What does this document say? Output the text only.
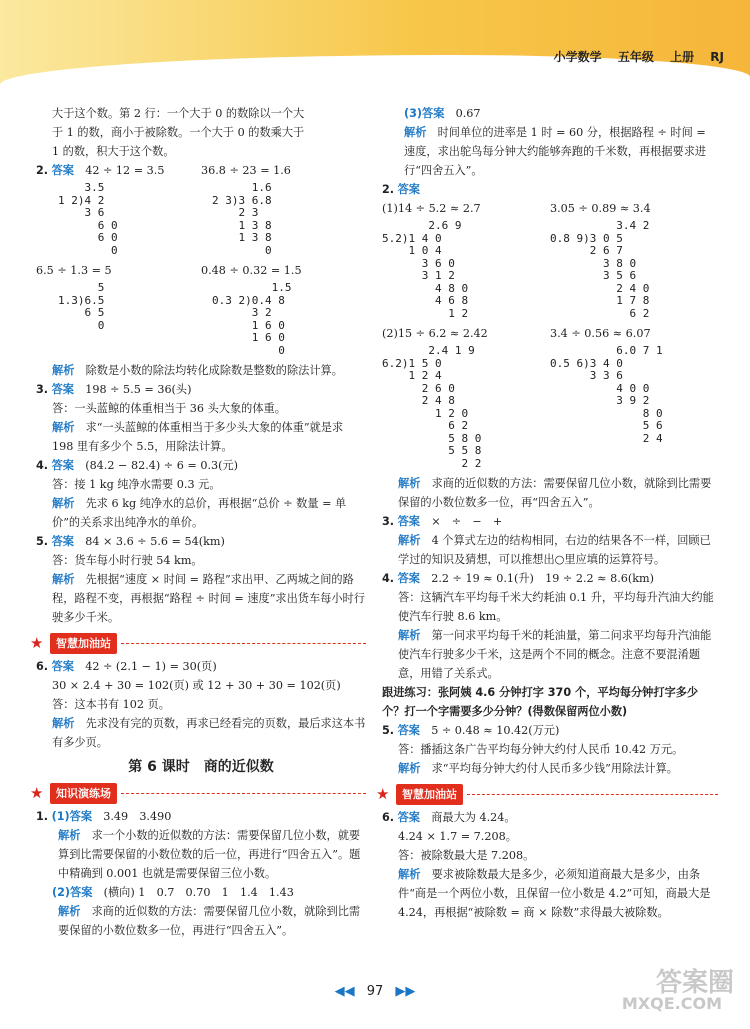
小学数学 五年级 上册 RJ
大于这个数。第 2 行：一个大于 0 的数除以一个大
于 1 的数，商小于被除数。一个大于 0 的数乘大于
1 的数，积大于这个数。
2. 答案　 42 ÷ 12 = 3.5	36.8 ÷ 23 = 1.6
3.5
1 2)4 2
3 6
6 0
6 0
0
1.6
2 3)3 6.8
2 3
1 3 8
1 3 8
0
6.5 ÷ 1.3 = 5	0.48 ÷ 0.32 = 1.5
5
1.3)6.5
6 5
0
1.5
0.3 2)0.4 8
3 2
1 6 0
1 6 0
0
解析　 除数是小数的除法均转化成除数是整数的除法计算。
3. 答案　 198 ÷ 5.5 = 36(头)
答：一头蓝鲸的体重相当于 36 头大象的体重。
解析　 求“一头蓝鲸的体重相当于多少头大象的体重”就是求 198 里有多少个 5.5，用除法计算。
4. 答案　 (84.2 − 82.4) ÷ 6 = 0.3(元)
答：接 1 kg 纯净水需要 0.3 元。
解析　 先求 6 kg 纯净水的总价，再根据“总价 ÷ 数量 = 单价”的关系求出纯净水的单价。
5. 答案　 84 × 3.6 ÷ 5.6 = 54(km)
答：货车每小时行驶 54 km。
解析　 先根据“速度 × 时间 = 路程”求出甲、乙两城之间的路程，路程不变，再根据“路程 ÷ 时间 = 速度”求出货车每小时行驶多少千米。
★	智慧加油站
6. 答案　 42 ÷ (2.1 − 1) = 30(页)
30 × 2.4 + 30 = 102(页) 或 12 + 30 + 30 = 102(页)
答：这本书有 102 页。
解析　 先求没有完的页数，再求已经看完的页数，最后求这本书有多少页。
第 6 课时　商的近似数
★	知识演练场
1. (1)答案　 3.49　3.490
解析　 求一个小数的近似数的方法：需要保留几位小数，就要算到比需要保留的小数位数的后一位，再进行“四舍五入”。题中精确到 0.001 也就是需要保留三位小数。
(2)答案　 (横向) 1　0.7　0.70　1　1.4　1.43
解析　 求商的近似数的方法：需要保留几位小数，就除到比需要保留的小数位数多一位，再进行“四舍五入”。
(3)答案　 0.67
解析　 时间单位的进率是 1 时 = 60 分，根据路程 ÷ 时间 = 速度，求出鸵鸟每分钟大约能够奔跑的千米数，再根据要求进行“四舍五入”。
2. 答案
(1)14 ÷ 5.2 ≈ 2.7	3.05 ÷ 0.89 ≈ 3.4
2.6 9
5.2)1 4 0
1 0 4
3 6 0
3 1 2
4 8 0
4 6 8
1 2
3.4 2
0.8 9)3 0 5
2 6 7
3 8 0
3 5 6
2 4 0
1 7 8
6 2
(2)15 ÷ 6.2 ≈ 2.42	3.4 ÷ 0.56 ≈ 6.07
2.4 1 9
6.2)1 5 0
1 2 4
2 6 0
2 4 8
1 2 0
6 2
5 8 0
5 5 8
2 2
6.0 7 1
0.5 6)3 4 0
3 3 6
4 0 0
3 9 2
8 0
5 6
2 4
解析　 求商的近似数的方法：需要保留几位小数，就除到比需要保留的小数位数多一位，再“四舍五入”。
3. 答案　 ×　÷　−　+
解析　 4 个算式左边的结构相同，右边的结果各不一样，回顾已学过的知识及猜想，可以推想出○里应填的运算符号。
4. 答案　 2.2 ÷ 19 ≈ 0.1(升)　19 ÷ 2.2 ≈ 8.6(km)
答：这辆汽车平均每千米大约耗油 0.1 升，平均每升汽油大约能使汽车行驶 8.6 km。
解析　 第一问求平均每千米的耗油量，第二问求平均每升汽油能使汽车行驶多少千米，这是两个不同的概念。注意不要混淆题意，用错了关系式。
跟进练习：张阿姨 4.6 分钟打字 370 个，平均每分钟打字多少个？打一个字需要多少分钟？(得数保留两位小数)
5. 答案　 5 ÷ 0.48 ≈ 10.42(万元)
答：播插这条广告平均每分钟大约付人民币 10.42 万元。
解析　 求“平均每分钟大约付人民币多少钱”用除法计算。
★	智慧加油站
6. 答案　 商最大为 4.24。
4.24 × 1.7 = 7.208。
答：被除数最大是 7.208。
解析　 要求被除数最大是多少，必须知道商最大是多少，由条件“商是一个两位小数，且保留一位小数是 4.2”可知，商最大是 4.24，再根据“被除数 = 商 × 除数”求得最大被除数。
◀◀ 97 ▶▶	答案圈
MXQE.COM
